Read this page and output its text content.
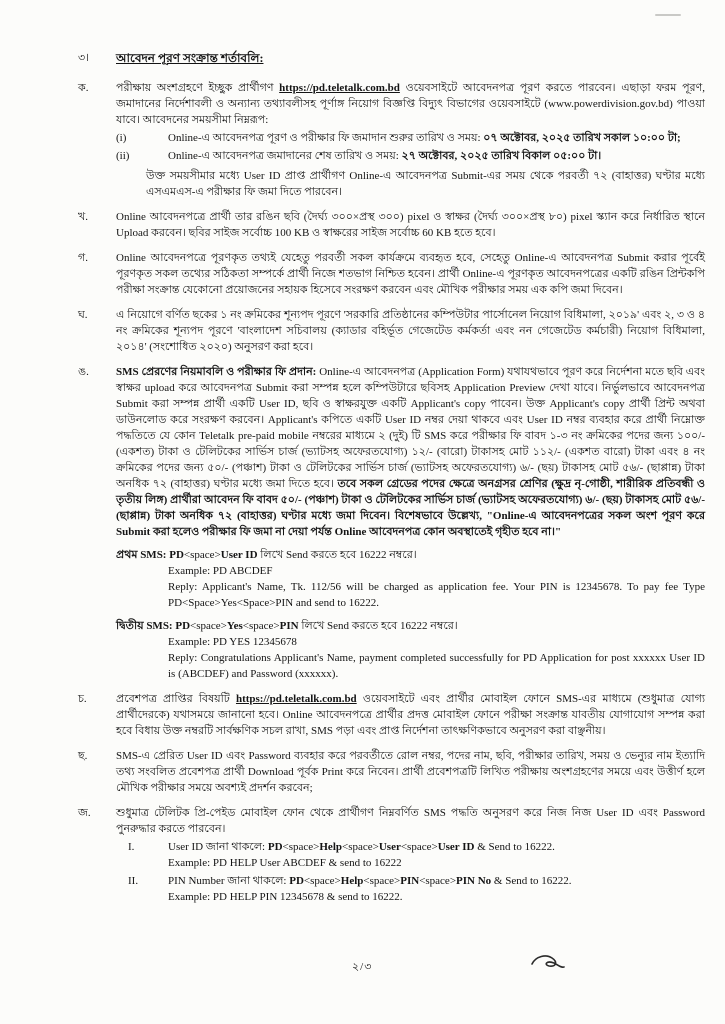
৩।	আবেদন পূরণ সংক্রান্ত শর্তাবলি:
ক.	পরীক্ষায় অংশগ্রহণে ইচ্ছুক প্রার্থীগণ https://pd.teletalk.com.bd ওয়েবসাইটে আবেদনপত্র পূরণ করতে পারবেন। এছাড়া ফরম পূরণ, জমাদানের নির্দেশাবলী ও অন্যান্য তথ্যাবলীসহ পূর্ণাঙ্গ নিয়োগ বিজ্ঞপ্তি বিদ্যুৎ বিভাগের ওয়েবসাইটে (www.powerdivision.gov.bd) পাওয়া যাবে। আবেদনের সময়সীমা নিম্নরূপ:
(i)	Online-এ আবেদনপত্র পূরণ ও পরীক্ষার ফি জমাদান শুরুর তারিখ ও সময়: ০৭ অক্টোবর, ২০২৫ তারিখ সকাল ১০:০০ টা;
(ii)	Online-এ আবেদনপত্র জমাদানের শেষ তারিখ ও সময়: ২৭ অক্টোবর, ২০২৫ তারিখ বিকাল ০৫:০০ টা।
উক্ত সময়সীমার মধ্যে User ID প্রাপ্ত প্রার্থীগণ Online-এ আবেদনপত্র Submit-এর সময় থেকে পরবর্তী ৭২ (বাহাত্তর) ঘণ্টার মধ্যে এসএমএস-এ পরীক্ষার ফি জমা দিতে পারবেন।
খ.	Online আবেদনপত্রে প্রার্থী তার রঙিন ছবি (দৈর্ঘ্য ৩০০×প্রস্থ ৩০০) pixel ও স্বাক্ষর (দৈর্ঘ্য ৩০০×প্রস্থ ৮০) pixel স্ক্যান করে নির্ধারিত স্থানে Upload করবেন। ছবির সাইজ সর্বোচ্চ 100 KB ও স্বাক্ষরের সাইজ সর্বোচ্চ 60 KB হতে হবে।
গ.	Online আবেদনপত্রে পূরণকৃত তথ্যই যেহেতু পরবর্তী সকল কার্যক্রমে ব্যবহৃত হবে, সেহেতু Online-এ আবেদনপত্র Submit করার পূর্বেই পূরণকৃত সকল তথ্যের সঠিকতা সম্পর্কে প্রার্থী নিজে শতভাগ নিশ্চিত হবেন। প্রার্থী Online-এ পূরণকৃত আবেদনপত্রের একটি রঙিন প্রিন্টকপি পরীক্ষা সংক্রান্ত যেকোনো প্রয়োজনের সহায়ক হিসেবে সংরক্ষণ করবেন এবং মৌখিক পরীক্ষার সময় এক কপি জমা দিবেন।
ঘ.	এ নিয়োগে বর্ণিত ছকের ১ নং ক্রমিকের শূন্যপদ পূরণে 'সরকারি প্রতিষ্ঠানের কম্পিউটার পার্সোনেল নিয়োগ বিধিমালা, ২০১৯' এবং ২, ৩ ও ৪ নং ক্রমিকের শূন্যপদ পূরণে 'বাংলাদেশ সচিবালয় (ক্যাডার বহির্ভূত গেজেটেড কর্মকর্তা এবং নন গেজেটেড কর্মচারী) নিয়োগ বিধিমালা, ২০১৪' (সংশোধিত ২০২০) অনুসরণ করা হবে।
ঙ.	SMS প্রেরণের নিয়মাবলি ও পরীক্ষার ফি প্রদান: Online-এ আবেদনপত্র (Application Form) যথাযথভাবে পূরণ করে নির্দেশনা মতে ছবি এবং স্বাক্ষর upload করে আবেদনপত্র Submit করা সম্পন্ন হলে কম্পিউটারে ছবিসহ Application Preview দেখা যাবে। নির্ভুলভাবে আবেদনপত্র Submit করা সম্পন্ন প্রার্থী একটি User ID, ছবি ও স্বাক্ষরযুক্ত একটি Applicant's copy পাবেন। উক্ত Applicant's copy প্রার্থী প্রিন্ট অথবা ডাউনলোড করে সংরক্ষণ করবেন। Applicant's কপিতে একটি User ID নম্বর দেয়া থাকবে এবং User ID নম্বর ব্যবহার করে প্রার্থী নিম্নোক্ত পদ্ধতিতে যে কোন Teletalk pre-paid mobile নম্বরের মাধ্যমে ২ (দুই) টি SMS করে পরীক্ষার ফি বাবদ ১-৩ নং ক্রমিকের পদের জন্য ১০০/- (একশত) টাকা ও টেলিটকের সার্ভিস চার্জ (ভ্যাটসহ অফেরতযোগ্য) ১২/- (বারো) টাকাসহ মোট ১১২/- (একশত বারো) টাকা এবং ৪ নং ক্রমিকের পদের জন্য ৫০/- (পঞ্চাশ) টাকা ও টেলিটকের সার্ভিস চার্জ (ভ্যাটসহ অফেরতযোগ্য) ৬/- (ছয়) টাকাসহ মোট ৫৬/- (ছাপ্পান্ন) টাকা অনধিক ৭২ (বাহাত্তর) ঘণ্টার মধ্যে জমা দিতে হবে। তবে সকল গ্রেডের পদের ক্ষেত্রে অনগ্রসর শ্রেণির (ক্ষুদ্র নৃ-গোষ্ঠী, শারীরিক প্রতিবন্ধী ও তৃতীয় লিঙ্গ) প্রার্থীরা আবেদন ফি বাবদ ৫০/- (পঞ্চাশ) টাকা ও টেলিটকের সার্ভিস চার্জ (ভ্যাটসহ অফেরতযোগ্য) ৬/- (ছয়) টাকাসহ মোট ৫৬/- (ছাপ্পান্ন) টাকা অনধিক ৭২ (বাহাত্তর) ঘণ্টার মধ্যে জমা দিবেন। বিশেষভাবে উল্লেখ্য, "Online-এ আবেদনপত্রের সকল অংশ পূরণ করে Submit করা হলেও পরীক্ষার ফি জমা না দেয়া পর্যন্ত Online আবেদনপত্র কোন অবস্থাতেই গৃহীত হবে না।"
প্রথম SMS: PD<space>User ID লিখে Send করতে হবে 16222 নম্বরে।
Example: PD ABCDEF
Reply: Applicant's Name, Tk. 112/56 will be charged as application fee. Your PIN is 12345678. To pay fee Type PD<Space>Yes<Space>PIN and send to 16222.
দ্বিতীয় SMS: PD<space>Yes<space>PIN লিখে Send করতে হবে 16222 নম্বরে।
Example: PD YES 12345678
Reply: Congratulations Applicant's Name, payment completed successfully for PD Application for post xxxxxx User ID is (ABCDEF) and Password (xxxxxx).
চ.	প্রবেশপত্র প্রাপ্তির বিষয়টি https://pd.teletalk.com.bd ওয়েবসাইটে এবং প্রার্থীর মোবাইল ফোনে SMS-এর মাধ্যমে (শুধুমাত্র যোগ্য প্রার্থীদেরকে) যথাসময়ে জানানো হবে। Online আবেদনপত্রে প্রার্থীর প্রদত্ত মোবাইল ফোনে পরীক্ষা সংক্রান্ত যাবতীয় যোগাযোগ সম্পন্ন করা হবে বিধায় উক্ত নম্বরটি সার্বক্ষণিক সচল রাখা, SMS পড়া এবং প্রাপ্ত নির্দেশনা তাৎক্ষণিকভাবে অনুসরণ করা বাঞ্ছনীয়।
ছ.	SMS-এ প্রেরিত User ID এবং Password ব্যবহার করে পরবর্তীতে রোল নম্বর, পদের নাম, ছবি, পরীক্ষার তারিখ, সময় ও ভেন্যুর নাম ইত্যাদি তথ্য সংবলিত প্রবেশপত্র প্রার্থী Download পূর্বক Print করে নিবেন। প্রার্থী প্রবেশপত্রটি লিখিত পরীক্ষায় অংশগ্রহণের সময়ে এবং উত্তীর্ণ হলে মৌখিক পরীক্ষার সময়ে অবশ্যই প্রদর্শন করবেন;
জ.	শুধুমাত্র টেলিটক প্রি-পেইড মোবাইল ফোন থেকে প্রার্থীগণ নিম্নবর্ণিত SMS পদ্ধতি অনুসরণ করে নিজ নিজ User ID এবং Password পুনরুদ্ধার করতে পারবেন।
I.	User ID জানা থাকলে: PD<space>Help<space>User<space>User ID & Send to 16222.
Example: PD HELP User ABCDEF & send to 16222
II.	PIN Number জানা থাকলে: PD<space>Help<space>PIN<space>PIN No & Send to 16222.
Example: PD HELP PIN 12345678 & send to 16222.
২/৩
